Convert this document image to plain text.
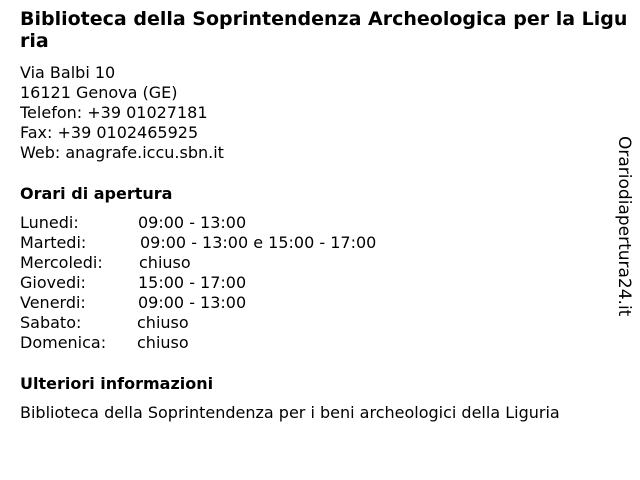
Biblioteca della Soprintendenza Archeologica per la Liguria
Via Balbi 10
16121 Genova (GE)
Telefon: +39 01027181
Fax: +39 0102465925
Web: anagrafe.iccu.sbn.it
Orari di apertura
Lunedi:	09:00 - 13:00
Martedi:	09:00 - 13:00 e 15:00 - 17:00
Mercoledi: chiuso
Giovedi:	15:00 - 17:00
Venerdi:	09:00 - 13:00
Sabato:	chiuso
Domenica: chiuso
Ulteriori informazioni
Biblioteca della Soprintendenza per i beni archeologici della Liguria
Orariodiapertura24.it
